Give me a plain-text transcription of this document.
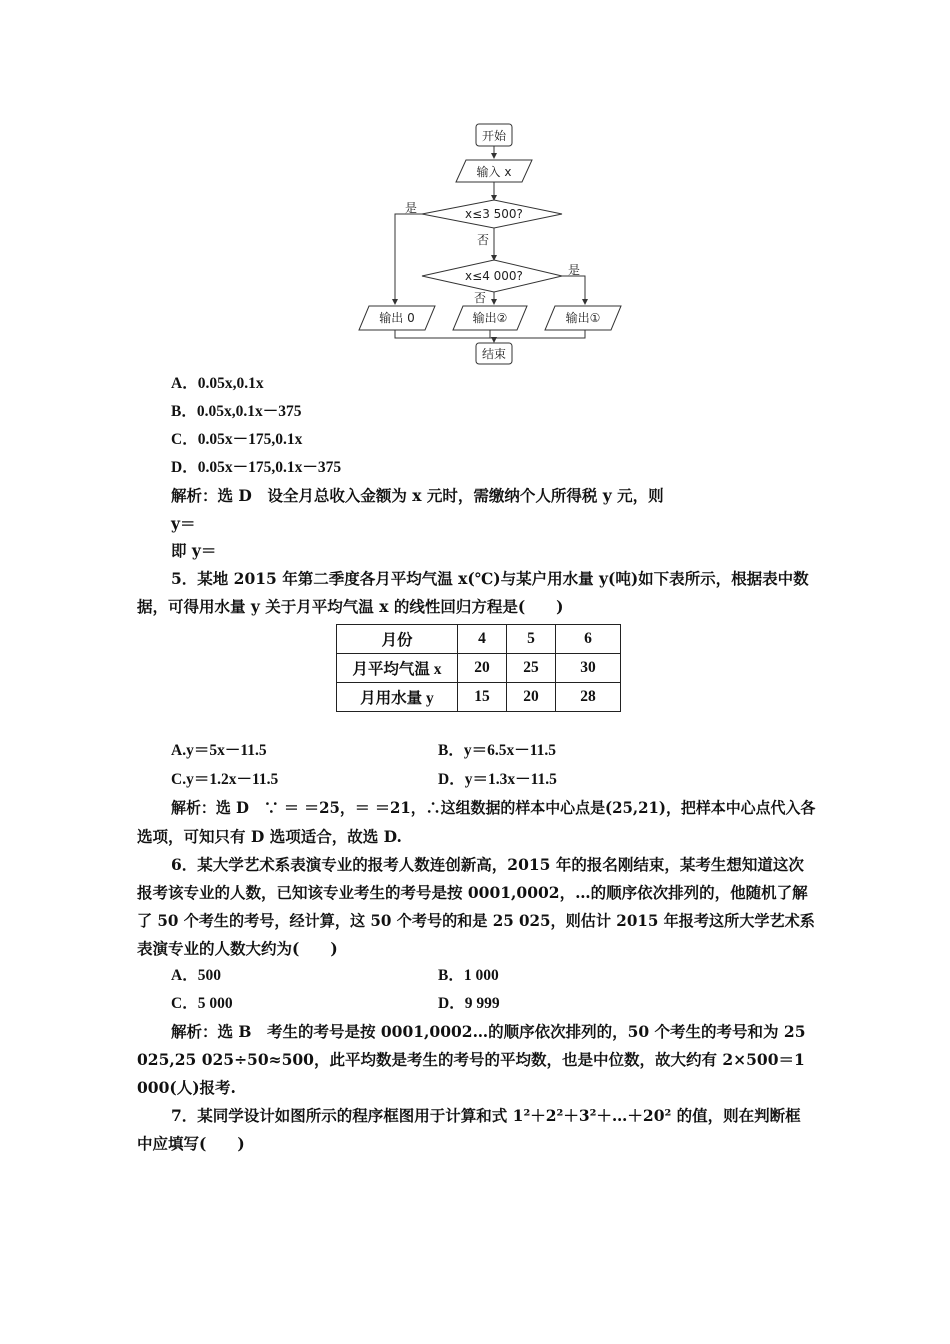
开始
输入 x
x≤3 500?
是
否
x≤4 000?	是
否
输出 0	输出②	输出①
结束
A．0.05x,0.1x
B．0.05x,0.1x－375
C．0.05x－175,0.1x
D．0.05x－175,0.1x－375
解析：选 D　设全月总收入金额为 x 元时，需缴纳个人所得税 y 元，则
y＝
即 y＝
5．某地 2015 年第二季度各月平均气温 x(℃)与某户用水量 y(吨)如下表所示，根据表中数
据，可得用水量 y 关于月平均气温 x 的线性回归方程是(　　)
月份	4	5	6
月平均气温 x	20	25	30
月用水量 y	15	20	28
A.y＝5x－11.5	B．y＝6.5x－11.5
C.y＝1.2x－11.5	D．y＝1.3x－11.5
解析：选 D　∵ ＝ ＝25，＝ ＝21，∴这组数据的样本中心点是(25,21)，把样本中心点代入各
选项，可知只有 D 选项适合，故选 D.
6．某大学艺术系表演专业的报考人数连创新高，2015 年的报名刚结束，某考生想知道这次
报考该专业的人数，已知该专业考生的考号是按 0001,0002，…的顺序依次排列的，他随机了解
了 50 个考生的考号，经计算，这 50 个考号的和是 25 025，则估计 2015 年报考这所大学艺术系
表演专业的人数大约为(　　)
A．500	B．1 000
C．5 000	D．9 999
解析：选 B　考生的考号是按 0001,0002…的顺序依次排列的，50 个考生的考号和为 25
025,25 025÷50≈500，此平均数是考生的考号的平均数，也是中位数，故大约有 2×500＝1
000(人)报考.
7．某同学设计如图所示的程序框图用于计算和式 1²＋2²＋3²＋…＋20² 的值，则在判断框
中应填写(　　)
